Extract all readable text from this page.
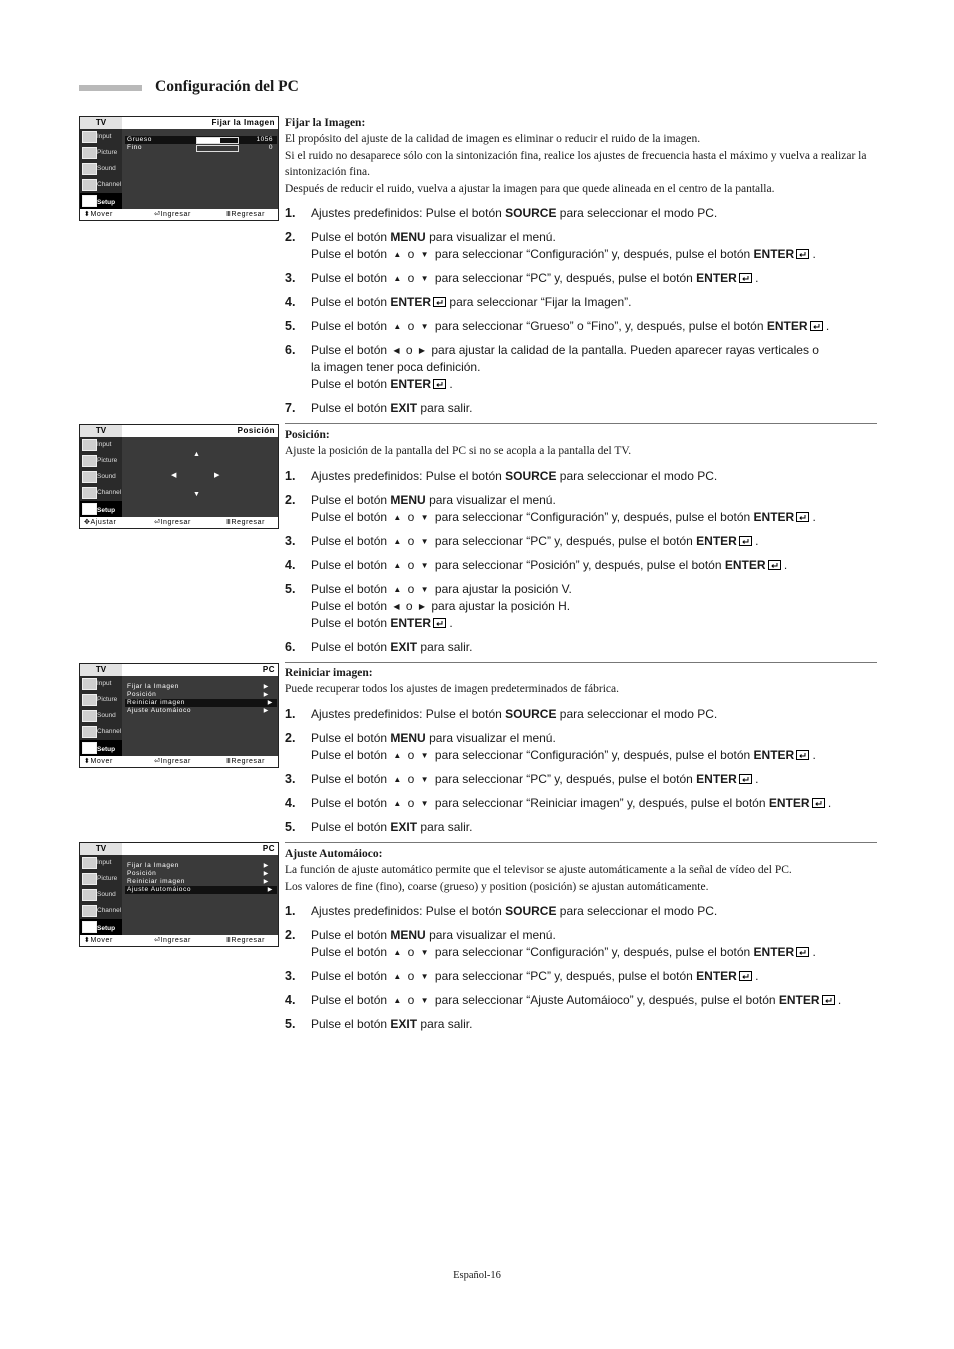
Configuración del PC
TV	Fijar la Imagen
Input
Picture
Sound
Channel
Setup
Grueso	1056
Fino	0
⬍Mover	⏎Ingresar	ⅢRegresar
Fijar la Imagen:
El propósito del ajuste de la calidad de imagen es eliminar o reducir el ruido de la imagen.
Si el ruido no desaparece sólo con la sintonización fina, realice los ajustes de frecuencia hasta el máximo y vuelva a realizar la sintonización fina.
Después de reducir el ruido, vuelva a ajustar la imagen para que quede alineada en el centro de la pantalla.
1. Ajustes predefinidos: Pulse el botón SOURCE para seleccionar el modo PC.
2. Pulse el botón MENU para visualizar el menú.
Pulse el botón ▲ o ▼ para seleccionar “Configuración” y, después, pulse el botón ENTER .
3. Pulse el botón ▲ o ▼ para seleccionar “PC” y, después, pulse el botón ENTER .
4. Pulse el botón ENTER para seleccionar “Fijar la Imagen”.
5. Pulse el botón ▲ o ▼ para seleccionar “Grueso” o “Fino”, y, después, pulse el botón ENTER .
6. Pulse el botón ◀ o ▶ para ajustar la calidad de la pantalla. Pueden aparecer rayas verticales o
la imagen tener poca definición.
Pulse el botón ENTER .
7. Pulse el botón EXIT para salir.
TV	Posición
Input
Picture
Sound
Channel
Setup
▲
◀	▶
▼
✥Ajustar	⏎Ingresar	ⅢRegresar
Posición:
Ajuste la posición de la pantalla del PC si no se acopla a la pantalla del TV.
1. Ajustes predefinidos: Pulse el botón SOURCE para seleccionar el modo PC.
2. Pulse el botón MENU para visualizar el menú.
Pulse el botón ▲ o ▼ para seleccionar “Configuración” y, después, pulse el botón ENTER .
3. Pulse el botón ▲ o ▼ para seleccionar “PC” y, después, pulse el botón ENTER .
4. Pulse el botón ▲ o ▼ para seleccionar “Posición” y, después, pulse el botón ENTER .
5. Pulse el botón ▲ o ▼ para ajustar la posición V.
Pulse el botón ◀ o ▶ para ajustar la posición H.
Pulse el botón ENTER .
6. Pulse el botón EXIT para salir.
TV	PC
Input
Picture
Sound
Channel
Setup
Fijar la Imagen	▶
Posición	▶
Reiniciar imagen	▶
Ajuste Automáioco	▶
⬍Mover	⏎Ingresar	ⅢRegresar
Reiniciar imagen:
Puede recuperar todos los ajustes de imagen predeterminados de fábrica.
1. Ajustes predefinidos: Pulse el botón SOURCE para seleccionar el modo PC.
2. Pulse el botón MENU para visualizar el menú.
Pulse el botón ▲ o ▼ para seleccionar “Configuración” y, después, pulse el botón ENTER .
3. Pulse el botón ▲ o ▼ para seleccionar “PC” y, después, pulse el botón ENTER .
4. Pulse el botón ▲ o ▼ para seleccionar “Reiniciar imagen” y, después, pulse el botón ENTER .
5. Pulse el botón EXIT para salir.
TV	PC
Input
Picture
Sound
Channel
Setup
Fijar la Imagen	▶
Posición	▶
Reiniciar imagen	▶
Ajuste Automáioco	▶
⬍Mover	⏎Ingresar	ⅢRegresar
Ajuste Automáioco:
La función de ajuste automático permite que el televisor se ajuste automáticamente a la señal de vídeo del PC.
Los valores de fine (fino), coarse (grueso) y position (posición) se ajustan automáticamente.
1. Ajustes predefinidos: Pulse el botón SOURCE para seleccionar el modo PC.
2. Pulse el botón MENU para visualizar el menú.
Pulse el botón ▲ o ▼ para seleccionar “Configuración” y, después, pulse el botón ENTER .
3. Pulse el botón ▲ o ▼ para seleccionar “PC” y, después, pulse el botón ENTER .
4. Pulse el botón ▲ o ▼ para seleccionar “Ajuste Automáioco” y, después, pulse el botón ENTER .
5. Pulse el botón EXIT para salir.
Español-16
